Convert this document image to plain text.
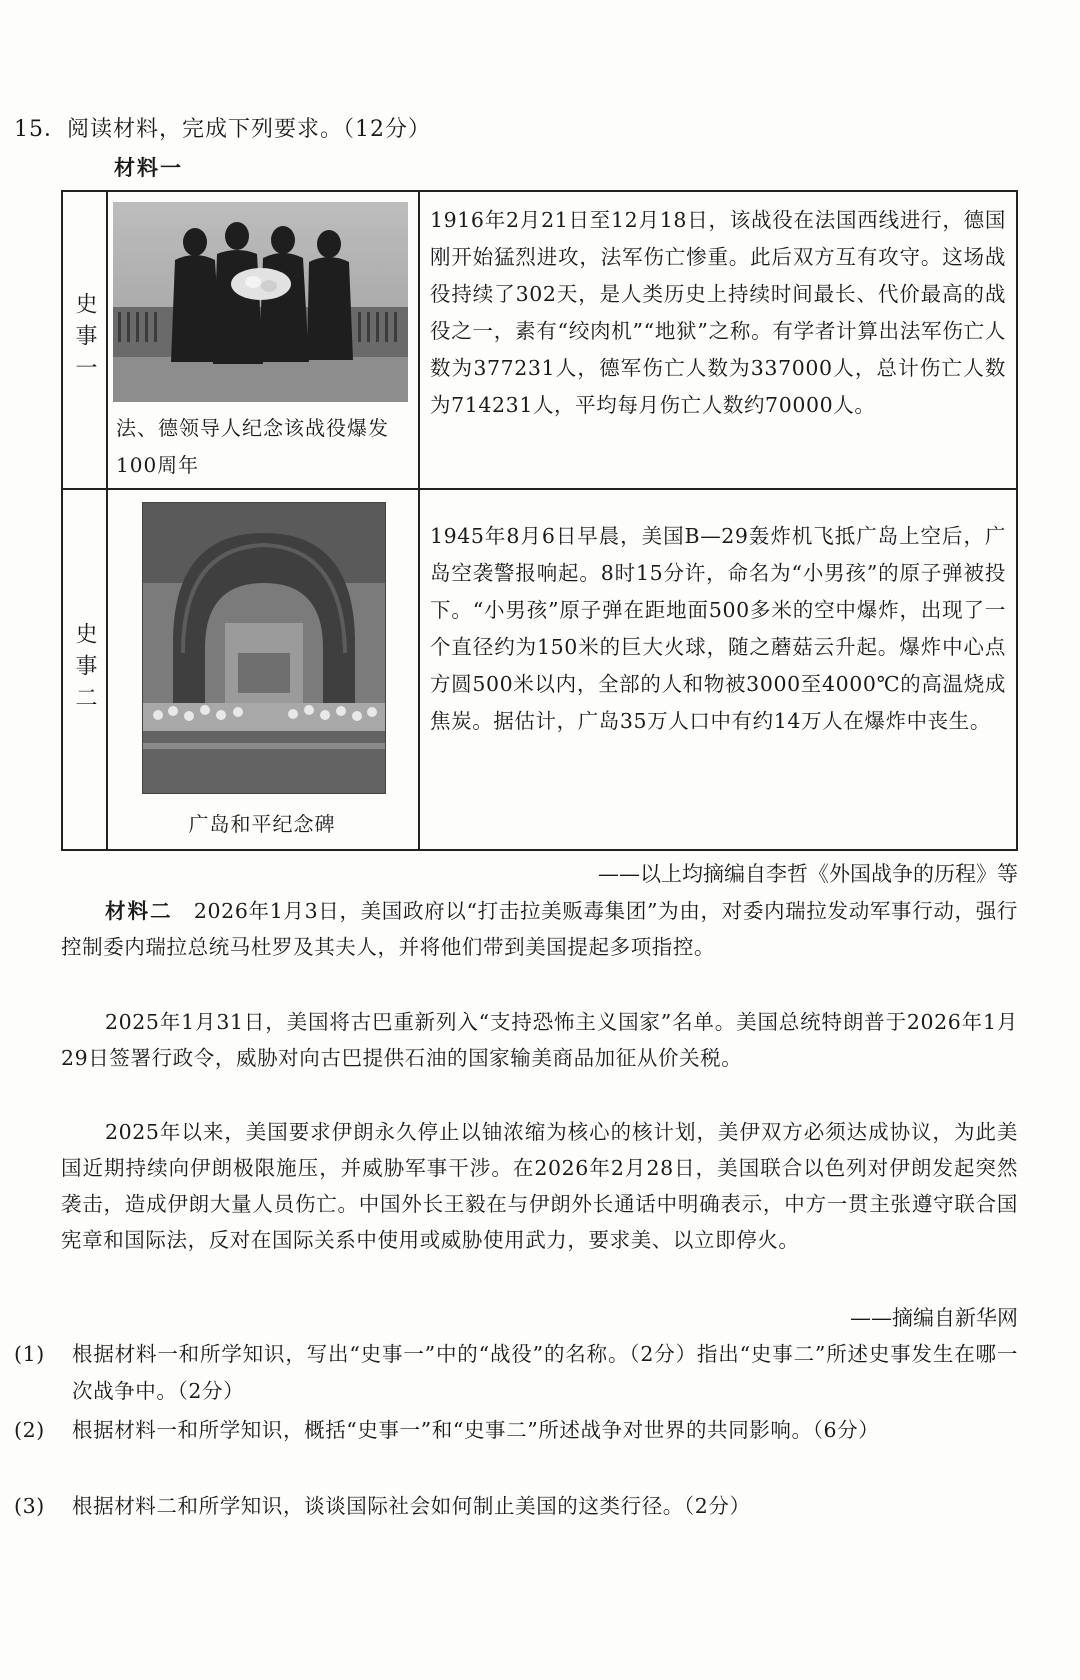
15．阅读材料，完成下列要求。（12分）
材料一
史事一
法、德领导人纪念该战役爆发100周年
1916年2月21日至12月18日，该战役在法国西线进行，德国刚开始猛烈进攻，法军伤亡惨重。此后双方互有攻守。这场战役持续了302天，是人类历史上持续时间最长、代价最高的战役之一，素有“绞肉机”“地狱”之称。有学者计算出法军伤亡人数为377231人，德军伤亡人数为337000人，总计伤亡人数为714231人，平均每月伤亡人数约70000人。
史事二
广岛和平纪念碑
1945年8月6日早晨，美国B—29轰炸机飞抵广岛上空后，广岛空袭警报响起。8时15分许，命名为“小男孩”的原子弹被投下。“小男孩”原子弹在距地面500多米的空中爆炸，出现了一个直径约为150米的巨大火球，随之蘑菇云升起。爆炸中心点方圆500米以内，全部的人和物被3000至4000℃的高温烧成焦炭。据估计，广岛35万人口中有约14万人在爆炸中丧生。
——以上均摘编自李哲《外国战争的历程》等
材料二　 2026年1月3日，美国政府以“打击拉美贩毒集团”为由，对委内瑞拉发动军事行动，强行控制委内瑞拉总统马杜罗及其夫人，并将他们带到美国提起多项指控。
2025年1月31日，美国将古巴重新列入“支持恐怖主义国家”名单。美国总统特朗普于2026年1月29日签署行政令，威胁对向古巴提供石油的国家输美商品加征从价关税。
2025年以来，美国要求伊朗永久停止以铀浓缩为核心的核计划，美伊双方必须达成协议，为此美国近期持续向伊朗极限施压，并威胁军事干涉。在2026年2月28日，美国联合以色列对伊朗发起突然袭击，造成伊朗大量人员伤亡。中国外长王毅在与伊朗外长通话中明确表示，中方一贯主张遵守联合国宪章和国际法，反对在国际关系中使用或威胁使用武力，要求美、以立即停火。
——摘编自新华网
(1)	根据材料一和所学知识，写出“史事一”中的“战役”的名称。（2分）指出“史事二”所述史事发生在哪一次战争中。（2分）
(2)	根据材料一和所学知识，概括“史事一”和“史事二”所述战争对世界的共同影响。（6分）
(3)	根据材料二和所学知识，谈谈国际社会如何制止美国的这类行径。（2分）
